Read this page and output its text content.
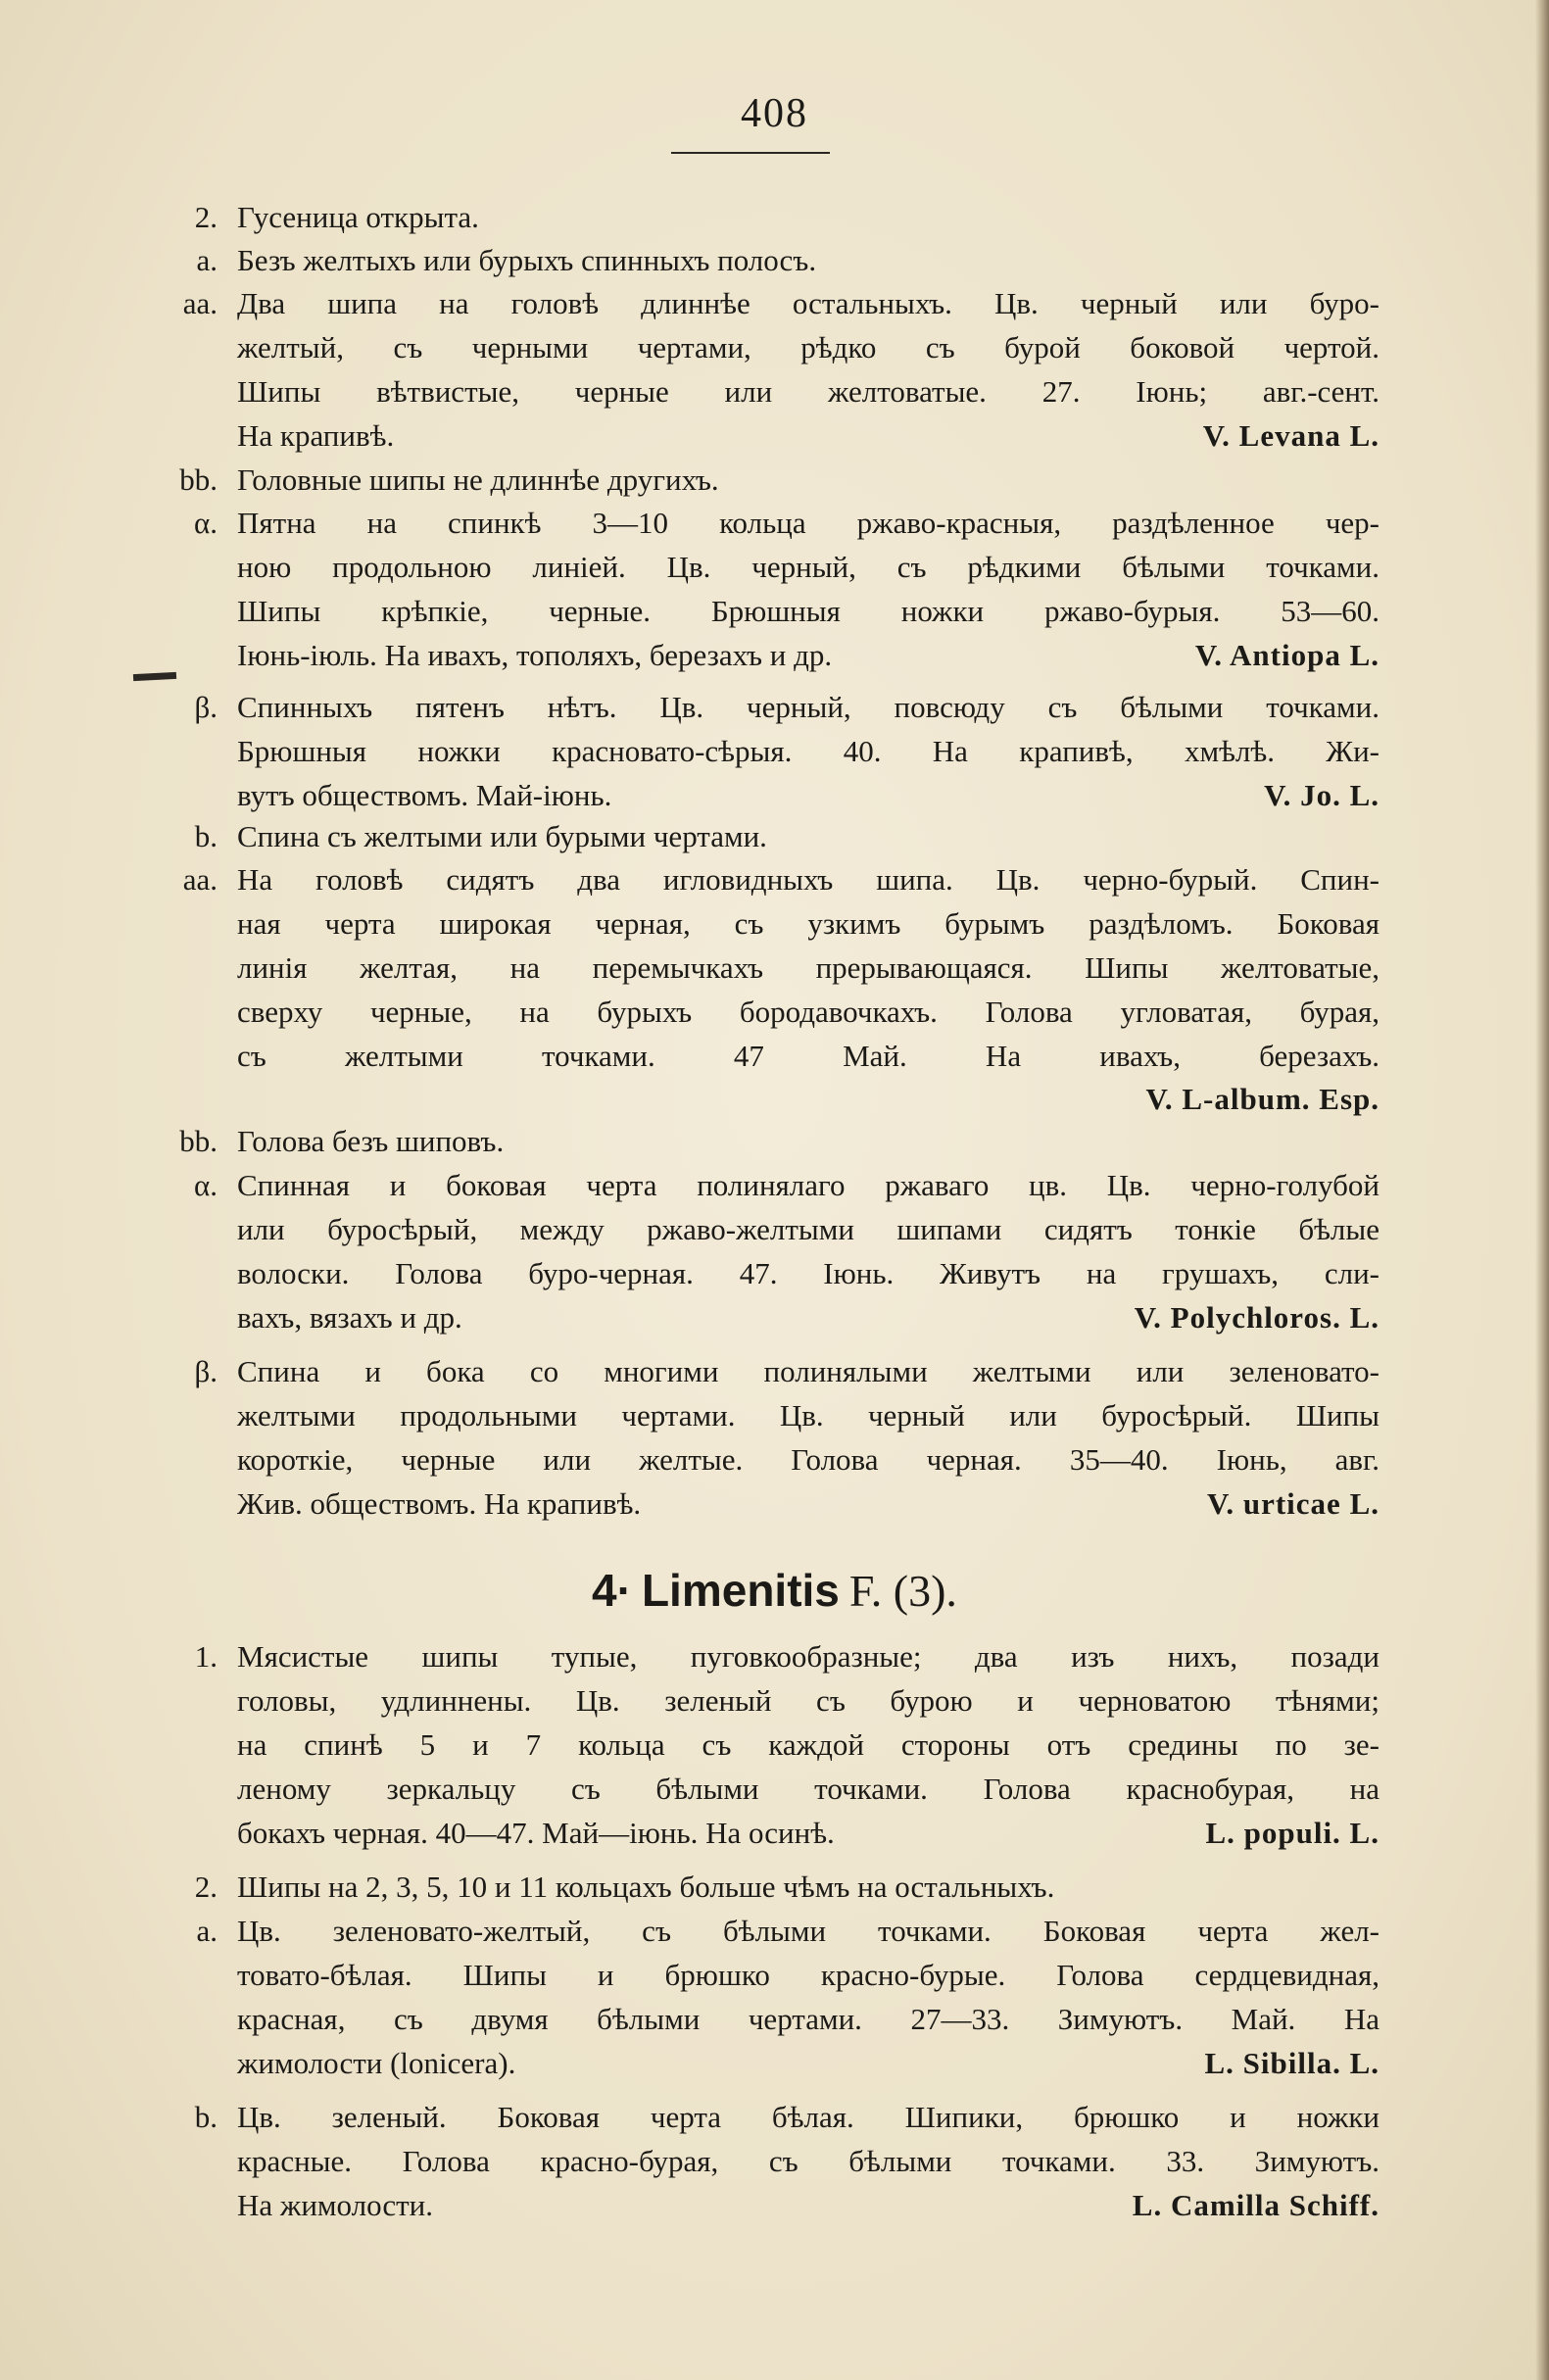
408
2. Гусеница открыта.
a. Безъ желтыхъ или бурыхъ спинныхъ полосъ.
aa. Два шипа на головѣ длиннѣе остальныхъ. Цв. черный или буро-
желтый, съ черными чертами, рѣдко съ бурой боковой чертой.
Шипы вѣтвистые, черные или желтоватые. 27. Іюнь; авг.-сент.
На крапивѣ.	V. Levana L.
bb. Головные шипы не длиннѣе другихъ.
α. Пятна на спинкѣ 3—10 кольца ржаво-красныя, раздѣленное чер-
ною продольною линіей. Цв. черный, съ рѣдкими бѣлыми точками.
Шипы крѣпкіе, черные. Брюшныя ножки ржаво-бурыя. 53—60.
Іюнь-іюль. На ивахъ, тополяхъ, березахъ и др.	V. Antiopa L.
β. Спинныхъ пятенъ нѣтъ. Цв. черный, повсюду съ бѣлыми точками.
Брюшныя ножки красновато-сѣрыя. 40. На крапивѣ, хмѣлѣ. Жи-
вутъ обществомъ. Май-іюнь.	V. Jo. L.
b. Спина съ желтыми или бурыми чертами.
aa. На головѣ сидятъ два игловидныхъ шипа. Цв. черно-бурый. Спин-
ная черта широкая черная, съ узкимъ бурымъ раздѣломъ. Боковая
линія желтая, на перемычкахъ прерывающаяся. Шипы желтоватые,
сверху черные, на бурыхъ бородавочкахъ. Голова угловатая, бурая,
съ желтыми точками. 47 Май. На ивахъ, березахъ.
V. L-album. Esp.
bb. Голова безъ шиповъ.
α. Спинная и боковая черта полинялаго ржаваго цв. Цв. черно-голубой
или буросѣрый, между ржаво-желтыми шипами сидятъ тонкіе бѣлые
волоски. Голова буро-черная. 47. Іюнь. Живутъ на грушахъ, сли-
вахъ, вязахъ и др.	V. Polychloros. L.
β. Спина и бока со многими полинялыми желтыми или зеленовато-
желтыми продольными чертами. Цв. черный или буросѣрый. Шипы
короткіе, черные или желтые. Голова черная. 35—40. Іюнь, авг.
Жив. обществомъ. На крапивѣ.	V. urticae L.
4· Limenitis F. (3).
1. Мясистые шипы тупые, пуговкообразные; два изъ нихъ, позади
головы, удлиннены. Цв. зеленый съ бурою и черноватою тѣнями;
на спинѣ 5 и 7 кольца съ каждой стороны отъ средины по зе-
леному зеркальцу съ бѣлыми точками. Голова краснобурая, на
бокахъ черная. 40—47. Май—іюнь. На осинѣ.	L. populi. L.
2. Шипы на 2, 3, 5, 10 и 11 кольцахъ больше чѣмъ на остальныхъ.
a. Цв. зеленовато-желтый, съ бѣлыми точками. Боковая черта жел-
товато-бѣлая. Шипы и брюшко красно-бурые. Голова сердцевидная,
красная, съ двумя бѣлыми чертами. 27—33. Зимуютъ. Май. На
жимолости (lonicera).	L. Sibilla. L.
b. Цв. зеленый. Боковая черта бѣлая. Шипики, брюшко и ножки
красные. Голова красно-бурая, съ бѣлыми точками. 33. Зимуютъ.
На жимолости.	L. Camilla Schiff.
